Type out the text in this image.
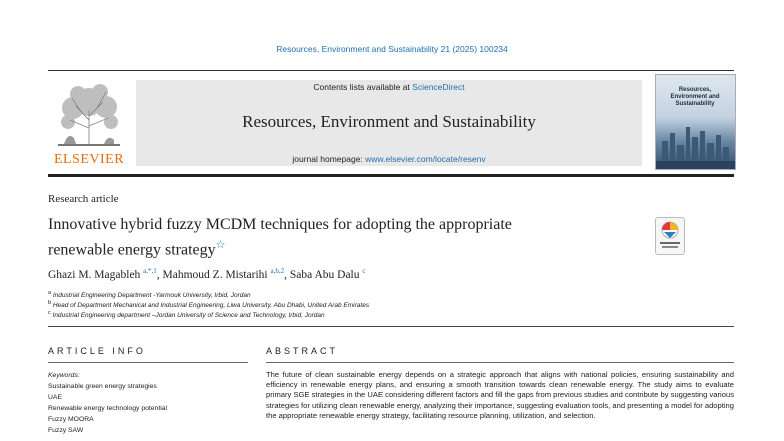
Resources, Environment and Sustainability 21 (2025) 100234
ELSEVIER
Contents lists available at ScienceDirect
Resources, Environment and Sustainability
journal homepage: www.elsevier.com/locate/resenv
Resources, Environment and Sustainability
Research article
Innovative hybrid fuzzy MCDM techniques for adopting the appropriate
renewable energy strategy☆
Ghazi M. Magableh $^{a,*,1}$, Mahmoud Z. Mistarihi $^{a,b,2}$, Saba Abu Dalu $^c$
$^a$ Industrial Engineering Department -Yarmouk University, Irbid, Jordan
$^b$ Head of Department Mechanical and Industrial Engineering, Liwa University, Abu Dhabi, United Arab Emirates
$^c$ Industrial Engineering department –Jordan University of Science and Technology, Irbid, Jordan
ARTICLE INFO
Keywords:
Sustainable green energy strategies
UAE
Renewable energy technology potential
Fuzzy MOORA
Fuzzy SAW
ABSTRACT
The future of clean sustainable energy depends on a strategic approach that aligns with national policies, ensuring sustainability and efficiency in renewable energy plans, and ensuring a smooth transition towards clean renewable energy. The study aims to evaluate primary SGE strategies in the UAE considering different factors and fill the gaps from previous studies and contribute by suggesting various strategies for utilizing clean renewable energy, analyzing their importance, suggesting evaluation tools, and presenting a model for adopting the appropriate renewable energy strategy, facilitating resource planning, utilization, and selection.
